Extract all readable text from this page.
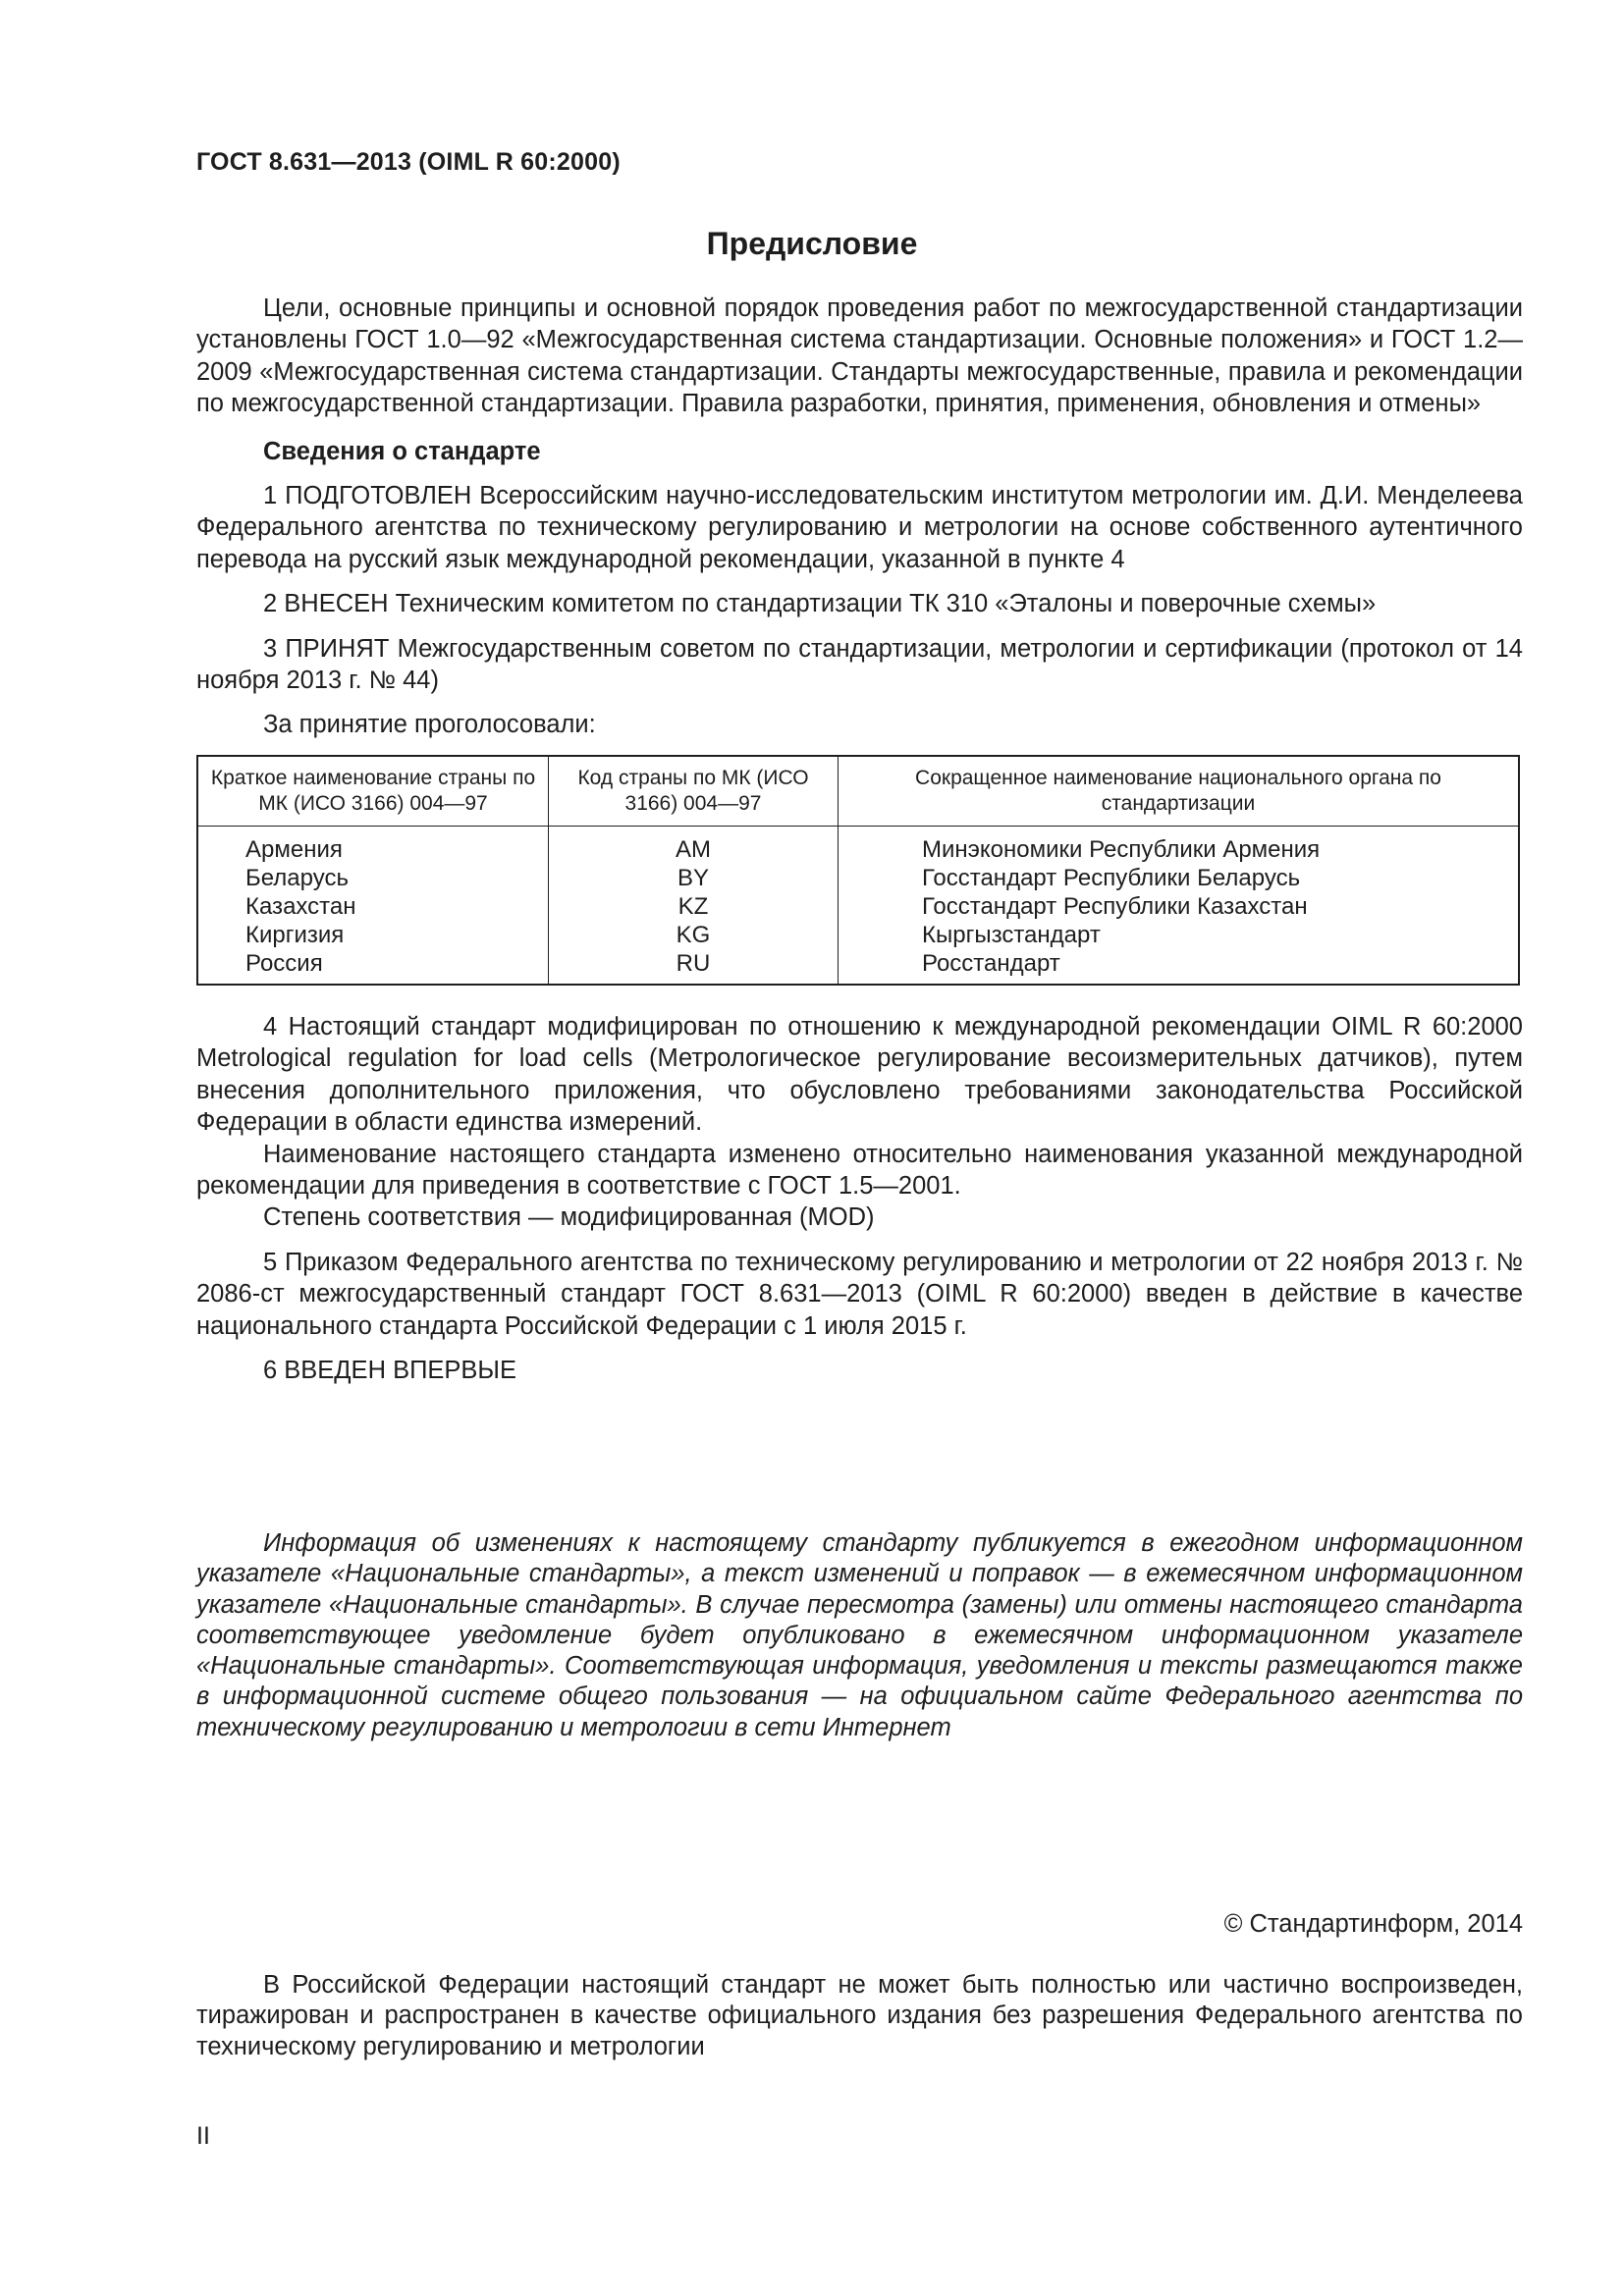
ГОСТ 8.631—2013 (OIML R 60:2000)
Предисловие

Цели, основные принципы и основной порядок проведения работ по межгосударственной стандартизации установлены ГОСТ 1.0—92 «Межгосударственная система стандартизации. Основные положения» и ГОСТ 1.2—2009 «Межгосударственная система стандартизации. Стандарты межгосударственные, правила и рекомендации по межгосударственной стандартизации. Правила разработки, принятия, применения, обновления и отмены»

Сведения о стандарте

1 ПОДГОТОВЛЕН Всероссийским научно-исследовательским институтом метрологии им. Д.И. Менделеева Федерального агентства по техническому регулированию и метрологии на основе собственного аутентичного перевода на русский язык международной рекомендации, указанной в пункте 4

2 ВНЕСЕН Техническим комитетом по стандартизации ТК 310 «Эталоны и поверочные схемы»

3 ПРИНЯТ Межгосударственным советом по стандартизации, метрологии и сертификации (протокол от 14 ноября 2013 г. № 44)

За принятие проголосовали:

Краткое наименование страны по МК (ИСО 3166) 004—97	Код страны по МК (ИСО 3166) 004—97	Сокращенное наименование национального органа по стандартизации
Армения	AM	Минэкономики Республики Армения
Беларусь	BY	Госстандарт Республики Беларусь
Казахстан	KZ	Госстандарт Республики Казахстан
Киргизия	KG	Кыргызстандарт
Россия	RU	Росстандарт

4 Настоящий стандарт модифицирован по отношению к международной рекомендации OIML R 60:2000 Metrological regulation for load cells (Метрологическое регулирование весоизмерительных датчиков), путем внесения дополнительного приложения, что обусловлено требованиями законодательства Российской Федерации в области единства измерений.

Наименование настоящего стандарта изменено относительно наименования указанной международной рекомендации для приведения в соответствие с ГОСТ 1.5—2001.

Степень соответствия — модифицированная (MOD)

5 Приказом Федерального агентства по техническому регулированию и метрологии от 22 ноября 2013 г. № 2086-ст межгосударственный стандарт ГОСТ 8.631—2013 (OIML R 60:2000) введен в действие в качестве национального стандарта Российской Федерации с 1 июля 2015 г.

6 ВВЕДЕН ВПЕРВЫЕ

Информация об изменениях к настоящему стандарту публикуется в ежегодном информационном указателе «Национальные стандарты», а текст изменений и поправок — в ежемесячном информационном указателе «Национальные стандарты». В случае пересмотра (замены) или отмены настоящего стандарта соответствующее уведомление будет опубликовано в ежемесячном информационном указателе «Национальные стандарты». Соответствующая информация, уведомления и тексты размещаются также в информационной системе общего пользования — на официальном сайте Федерального агентства по техническому регулированию и метрологии в сети Интернет

© Стандартинформ, 2014

В Российской Федерации настоящий стандарт не может быть полностью или частично воспроизведен, тиражирован и распространен в качестве официального издания без разрешения Федерального агентства по техническому регулированию и метрологии

II
